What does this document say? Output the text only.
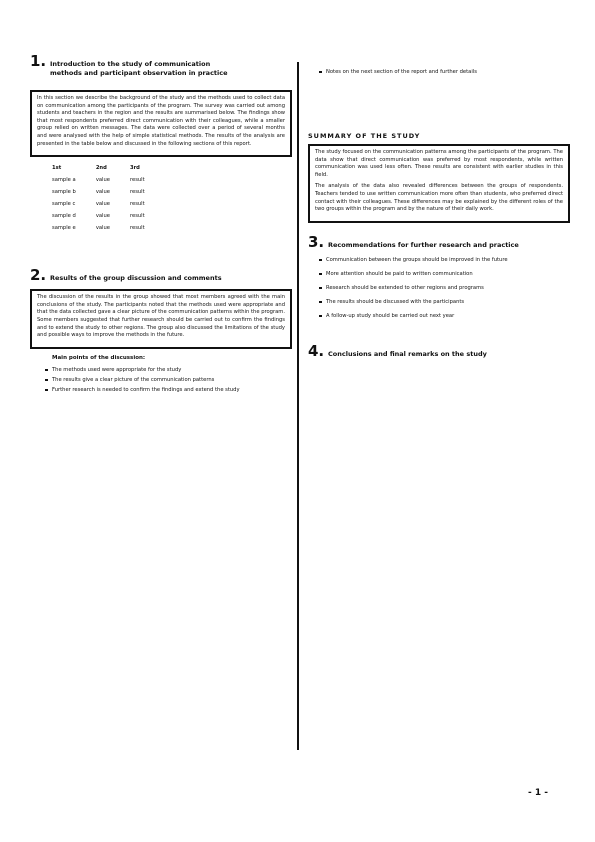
1. Introduction to the study of communication
methods and participant observation in practice

In this section we describe the background of the study and the methods used to collect data on communication among the participants of the program. The survey was carried out among students and teachers in the region and the results are summarised below. The findings show that most respondents preferred direct communication with their colleagues, while a smaller group relied on written messages. The data were collected over a period of several months and were analysed with the help of simple statistical methods. The results of the analysis are presented in the table below and discussed in the following sections of this report.

1st	2nd	3rd
sample a	value	result
sample b	value	result
sample c	value	result
sample d	value	result
sample e	value	result
2. Results of the group discussion and comments

The discussion of the results in the group showed that most members agreed with the main conclusions of the study. The participants noted that the methods used were appropriate and that the data collected gave a clear picture of the communication patterns within the program. Some members suggested that further research should be carried out to confirm the findings and to extend the study to other regions. The group also discussed the limitations of the study and possible ways to improve the methods in the future.

Main points of the discussion:
The methods used were appropriate for the study
The results give a clear picture of the communication patterns
Further research is needed to confirm the findings and extend the study
Notes on the next section of the report and further details
SUMMARY OF THE STUDY

The study focused on the communication patterns among the participants of the program. The data show that direct communication was preferred by most respondents, while written communication was used less often. These results are consistent with earlier studies in this field.

The analysis of the data also revealed differences between the groups of respondents. Teachers tended to use written communication more often than students, who preferred direct contact with their colleagues. These differences may be explained by the different roles of the two groups within the program and by the nature of their daily work.

3. Recommendations for further research and practice
Communication between the groups should be improved in the future
More attention should be paid to written communication
Research should be extended to other regions and programs
The results should be discussed with the participants
A follow-up study should be carried out next year
4. Conclusions and final remarks on the study
- 1 -
